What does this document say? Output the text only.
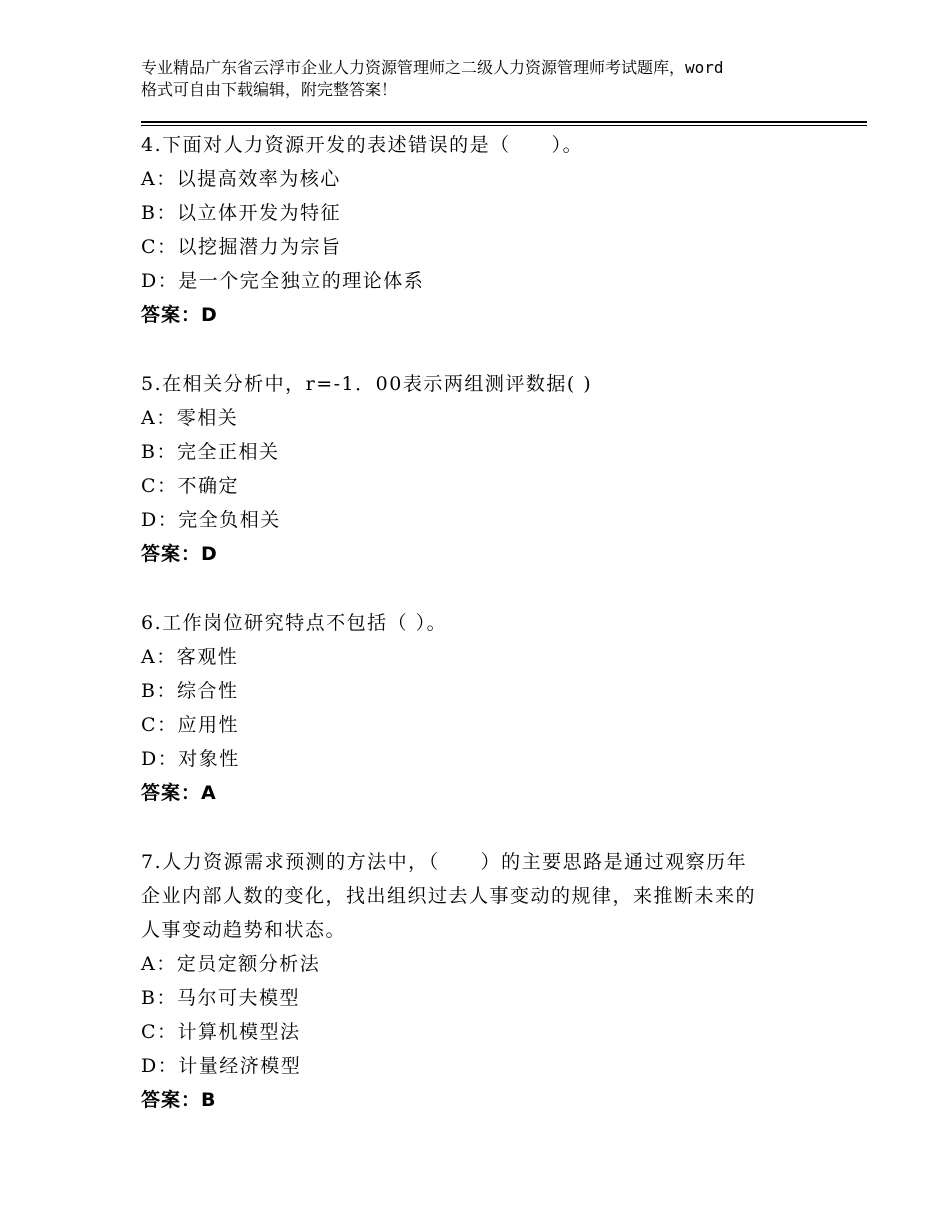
专业精品广东省云浮市企业人力资源管理师之二级人力资源管理师考试题库，word
格式可自由下载编辑，附完整答案！
4.下面对人力资源开发的表述错误的是（　　）。
A：以提高效率为核心
B：以立体开发为特征
C：以挖掘潜力为宗旨
D：是一个完全独立的理论体系
答案：D
5.在相关分析中，r=-1．00表示两组测评数据( )
A：零相关
B：完全正相关
C：不确定
D：完全负相关
答案：D
6.工作岗位研究特点不包括（ ）。
A：客观性
B：综合性
C：应用性
D：对象性
答案：A
7.人力资源需求预测的方法中，（　　）的主要思路是通过观察历年
企业内部人数的变化，找出组织过去人事变动的规律，来推断未来的
人事变动趋势和状态。
A：定员定额分析法
B：马尔可夫模型
C：计算机模型法
D：计量经济模型
答案：B
